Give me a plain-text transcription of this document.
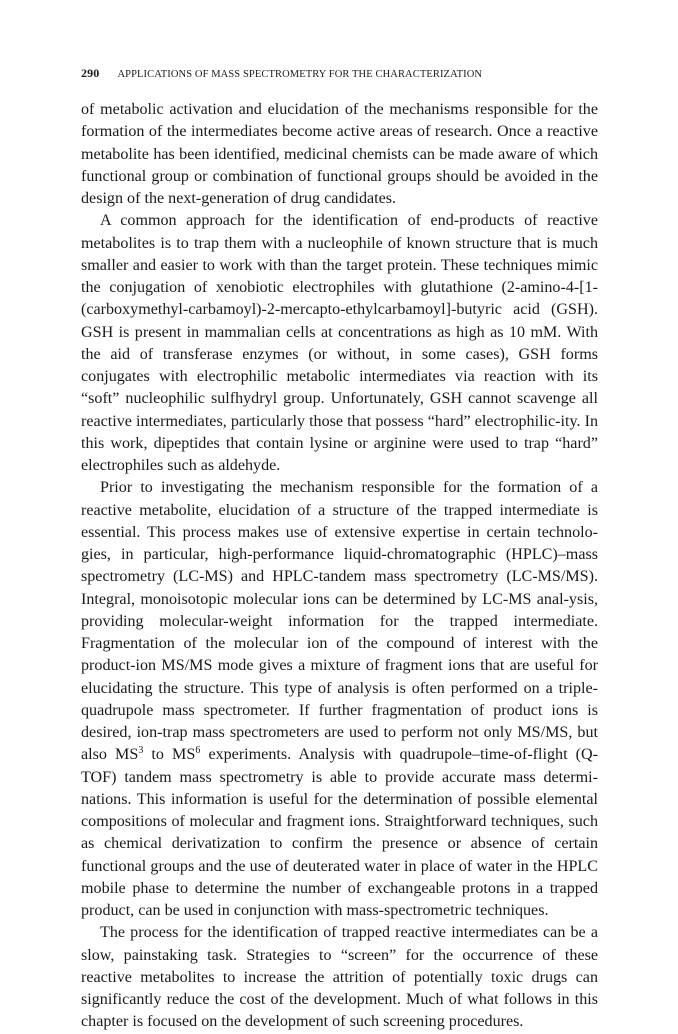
290 APPLICATIONS OF MASS SPECTROMETRY FOR THE CHARACTERIZATION

of metabolic activation and elucidation of the mechanisms responsible for the formation of the intermediates become active areas of research. Once a reactive metabolite has been identified, medicinal chemists can be made aware of which functional group or combination of functional groups should be avoided in the design of the next-generation of drug candidates.

A common approach for the identification of end-products of reactive metabolites is to trap them with a nucleophile of known structure that is much smaller and easier to work with than the target protein. These techniques mimic the conjugation of xenobiotic electrophiles with glutathione (2-amino-4-[1-(carboxymethyl-carbamoyl)-2-mercapto-ethylcarbamoyl]-butyric acid (GSH). GSH is present in mammalian cells at concentrations as high as 10 mM. With the aid of transferase enzymes (or without, in some cases), GSH forms conjugates with electrophilic metabolic intermediates via reaction with its “soft” nucleophilic sulfhydryl group. Unfortunately, GSH cannot scavenge all reactive intermediates, particularly those that possess “hard” electrophilic-ity. In this work, dipeptides that contain lysine or arginine were used to trap “hard” electrophiles such as aldehyde.

Prior to investigating the mechanism responsible for the formation of a reactive metabolite, elucidation of a structure of the trapped intermediate is essential. This process makes use of extensive expertise in certain technolo-gies, in particular, high-performance liquid-chromatographic (HPLC)–mass spectrometry (LC-MS) and HPLC-tandem mass spectrometry (LC-MS/MS). Integral, monoisotopic molecular ions can be determined by LC-MS anal-ysis, providing molecular-weight information for the trapped intermediate. Fragmentation of the molecular ion of the compound of interest with the product-ion MS/MS mode gives a mixture of fragment ions that are useful for elucidating the structure. This type of analysis is often performed on a triple-quadrupole mass spectrometer. If further fragmentation of product ions is desired, ion-trap mass spectrometers are used to perform not only MS/MS, but also $MS^3$ to $MS^6$ experiments. Analysis with quadrupole–time-of-flight (Q-TOF) tandem mass spectrometry is able to provide accurate mass determi-nations. This information is useful for the determination of possible elemental compositions of molecular and fragment ions. Straightforward techniques, such as chemical derivatization to confirm the presence or absence of certain functional groups and the use of deuterated water in place of water in the HPLC mobile phase to determine the number of exchangeable protons in a trapped product, can be used in conjunction with mass-spectrometric techniques.

The process for the identification of trapped reactive intermediates can be a slow, painstaking task. Strategies to “screen” for the occurrence of these reactive metabolites to increase the attrition of potentially toxic drugs can significantly reduce the cost of the development. Much of what follows in this chapter is focused on the development of such screening procedures.
